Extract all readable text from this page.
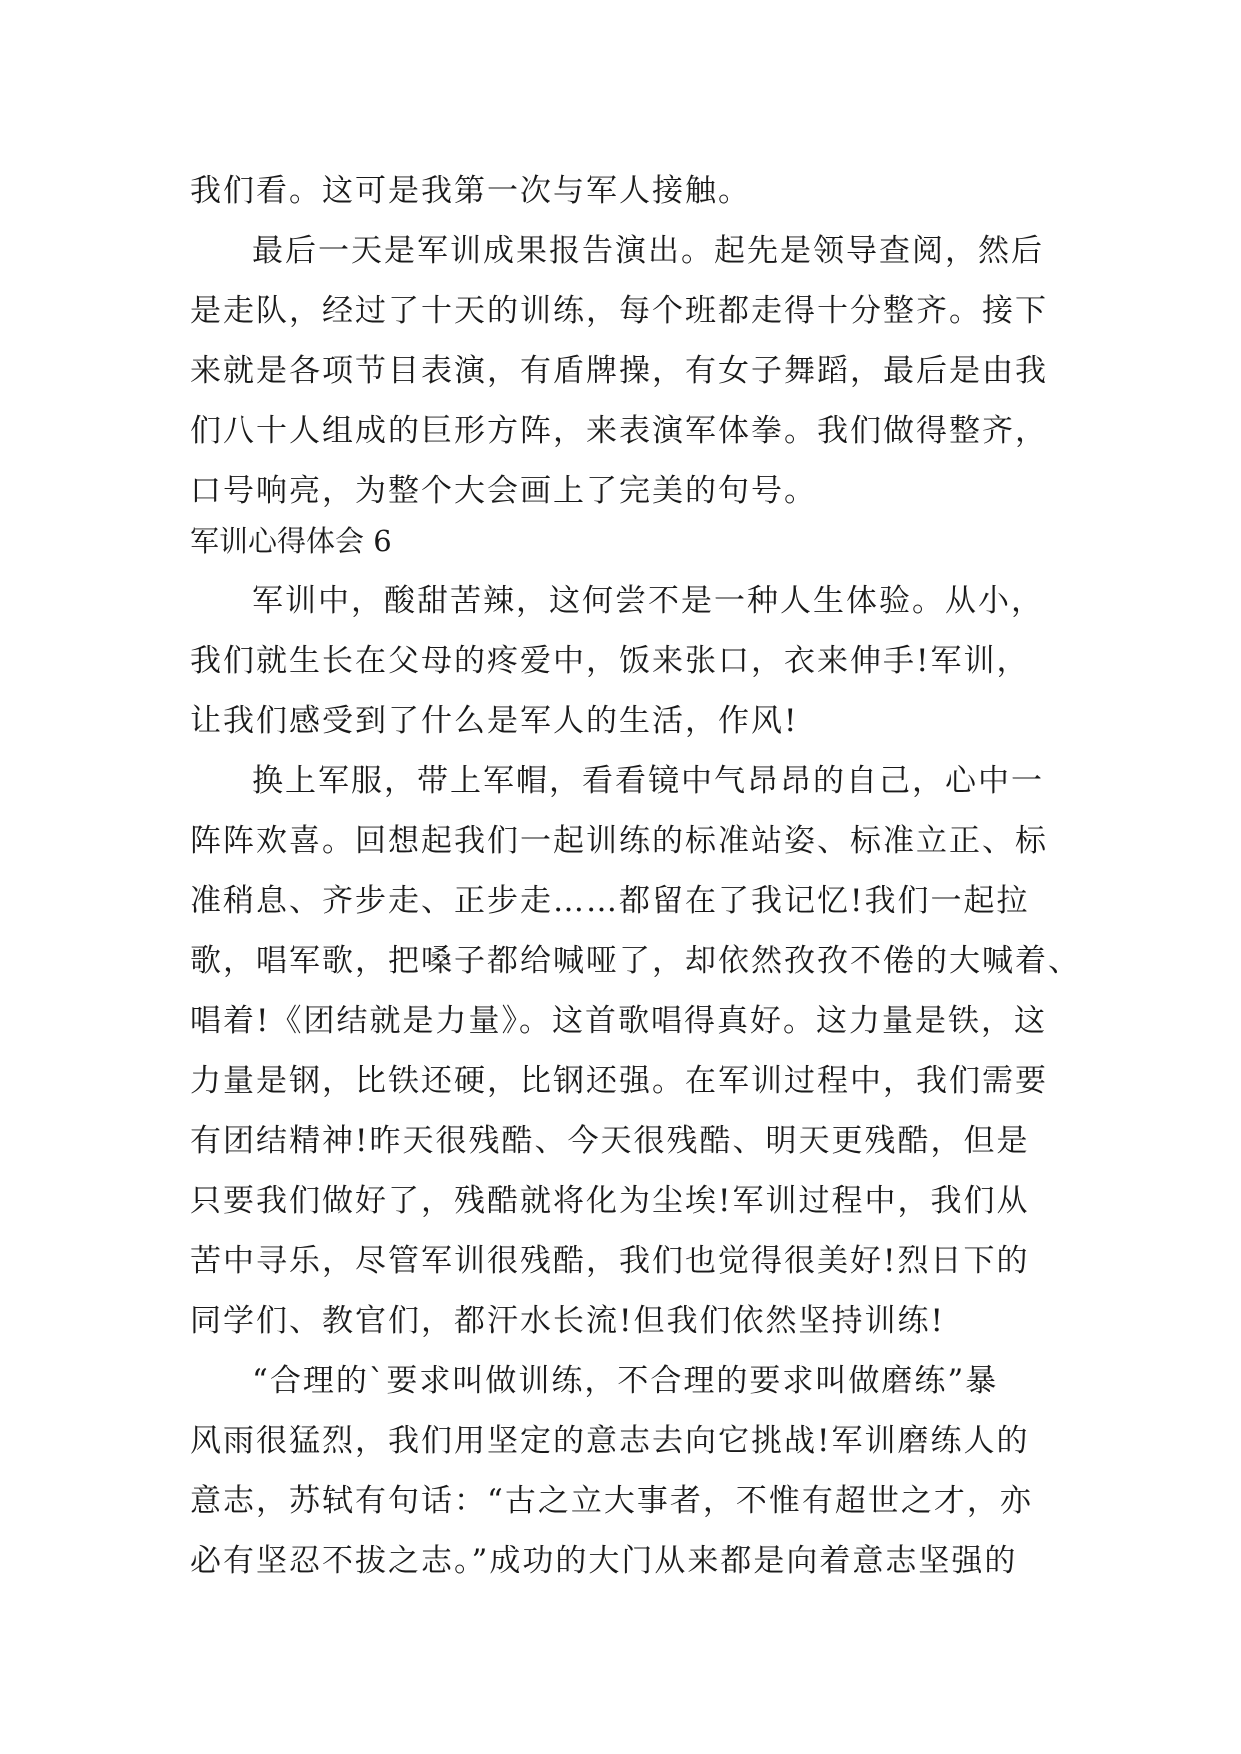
我们看。这可是我第一次与军人接触。

最后一天是军训成果报告演出。起先是领导查阅，然后

是走队，经过了十天的训练，每个班都走得十分整齐。接下

来就是各项节目表演，有盾牌操，有女子舞蹈，最后是由我

们八十人组成的巨形方阵，来表演军体拳。我们做得整齐，

口号响亮，为整个大会画上了完美的句号。

军训心得体会 6

军训中，酸甜苦辣，这何尝不是一种人生体验。从小，

我们就生长在父母的疼爱中，饭来张口，衣来伸手!军训，

让我们感受到了什么是军人的生活，作风!

换上军服，带上军帽，看看镜中气昂昂的自己，心中一

阵阵欢喜。回想起我们一起训练的标准站姿、标准立正、标

准稍息、齐步走、正步走……都留在了我记忆!我们一起拉

歌，唱军歌，把嗓子都给喊哑了，却依然孜孜不倦的大喊着、

唱着!《团结就是力量》。这首歌唱得真好。这力量是铁，这

力量是钢，比铁还硬，比钢还强。在军训过程中，我们需要

有团结精神!昨天很残酷、今天很残酷、明天更残酷，但是

只要我们做好了，残酷就将化为尘埃!军训过程中，我们从

苦中寻乐，尽管军训很残酷，我们也觉得很美好!烈日下的

同学们、教官们，都汗水长流!但我们依然坚持训练!

“合理的`要求叫做训练，不合理的要求叫做磨练”暴

风雨很猛烈，我们用坚定的意志去向它挑战!军训磨练人的

意志，苏轼有句话：“古之立大事者，不惟有超世之才，亦

必有坚忍不拔之志。”成功的大门从来都是向着意志坚强的
